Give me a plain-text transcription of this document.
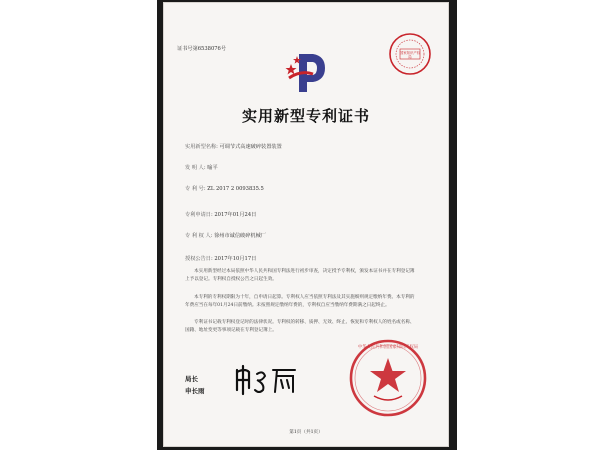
证书号第6538076号
国家知识产权局
实用新型专利证书
实用新型名称: 可调节式高速破碎装置装置
发 明 人: 喻平
专 利 号: ZL 2017 2 0093835.5
专利申请日: 2017年01月24日
专 利 权 人: 徐州市诚信破碎机械厂
授权公告日: 2017年10月17日
本实用新型经过本局依照中华人民共和国专利法进行初步审查，决定授予专利权，颁发本证书并在专利登记簿上予以登记。专利权自授权公告之日起生效。
本专利的专利权期限为十年，自申请日起算。专利权人应当依照专利法及其实施细则规定缴纳年费。本专利的年费应当在每年01月24日前缴纳。未按照规定缴纳年费的，专利权自应当缴纳年费期满之日起终止。
专利证书记载专利权登记时的法律状况。专利权的转移、质押、无效、终止、恢复和专利权人的姓名或名称、国籍、地址变更等事项记载在专利登记簿上。
局长
申长雨
中华人民共和国国家知识产权局
第1页（共1页）
